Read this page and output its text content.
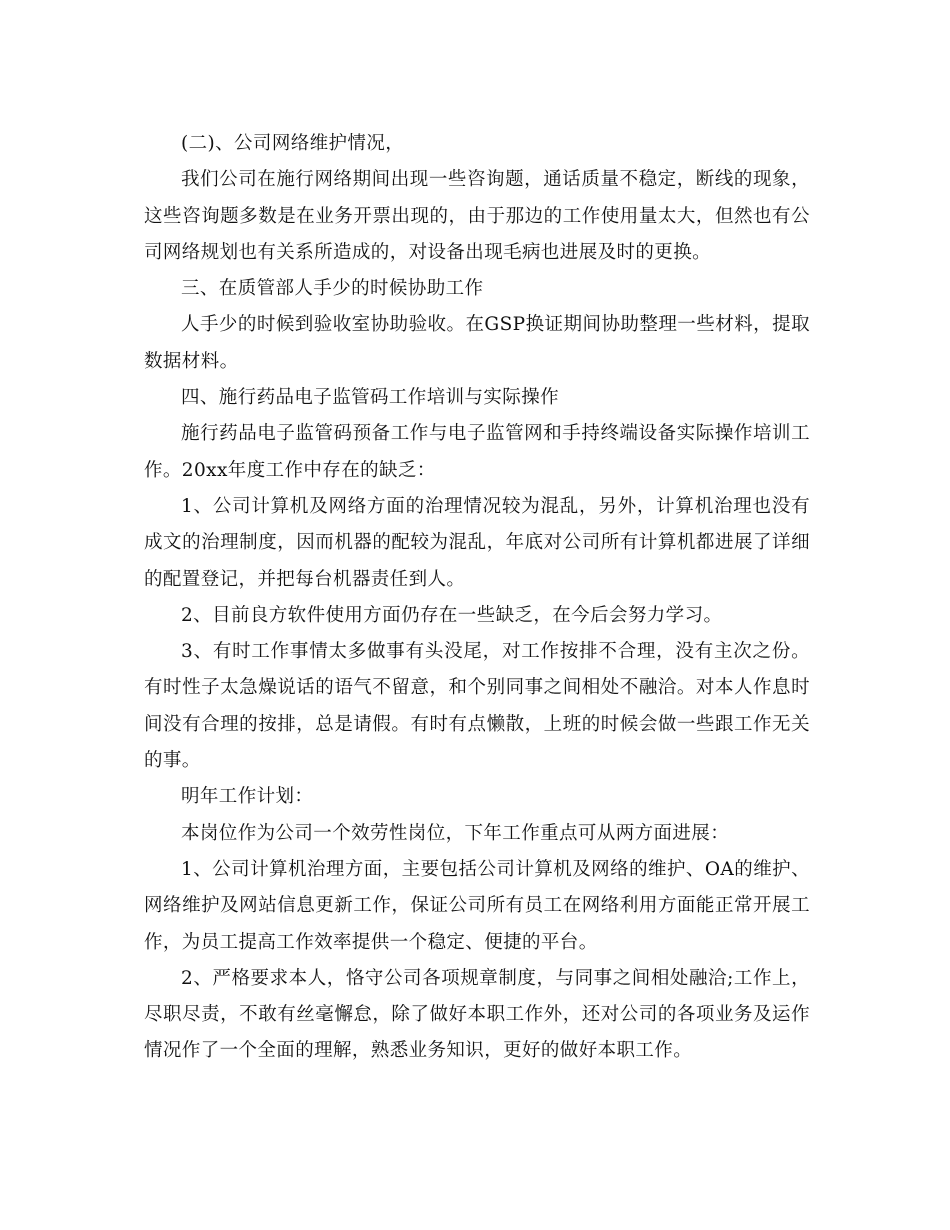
(二)、公司网络维护情况，

我们公司在施行网络期间出现一些咨询题，通话质量不稳定，断线的现象，这些咨询题多数是在业务开票出现的，由于那边的工作使用量太大，但然也有公司网络规划也有关系所造成的，对设备出现毛病也进展及时的更换。

三、在质管部人手少的时候协助工作

人手少的时候到验收室协助验收。在GSP换证期间协助整理一些材料，提取数据材料。

四、施行药品电子监管码工作培训与实际操作

施行药品电子监管码预备工作与电子监管网和手持终端设备实际操作培训工作。20xx年度工作中存在的缺乏：

1、公司计算机及网络方面的治理情况较为混乱，另外，计算机治理也没有成文的治理制度，因而机器的配较为混乱，年底对公司所有计算机都进展了详细的配置登记，并把每台机器责任到人。

2、目前良方软件使用方面仍存在一些缺乏，在今后会努力学习。

3、有时工作事情太多做事有头没尾，对工作按排不合理，没有主次之份。有时性子太急燥说话的语气不留意，和个别同事之间相处不融洽。对本人作息时间没有合理的按排，总是请假。有时有点懒散，上班的时候会做一些跟工作无关的事。

明年工作计划：

本岗位作为公司一个效劳性岗位，下年工作重点可从两方面进展：

1、公司计算机治理方面，主要包括公司计算机及网络的维护、OA的维护、网络维护及网站信息更新工作，保证公司所有员工在网络利用方面能正常开展工作，为员工提高工作效率提供一个稳定、便捷的平台。

2、严格要求本人，恪守公司各项规章制度，与同事之间相处融洽;工作上，尽职尽责，不敢有丝毫懈怠，除了做好本职工作外，还对公司的各项业务及运作情况作了一个全面的理解，熟悉业务知识，更好的做好本职工作。
